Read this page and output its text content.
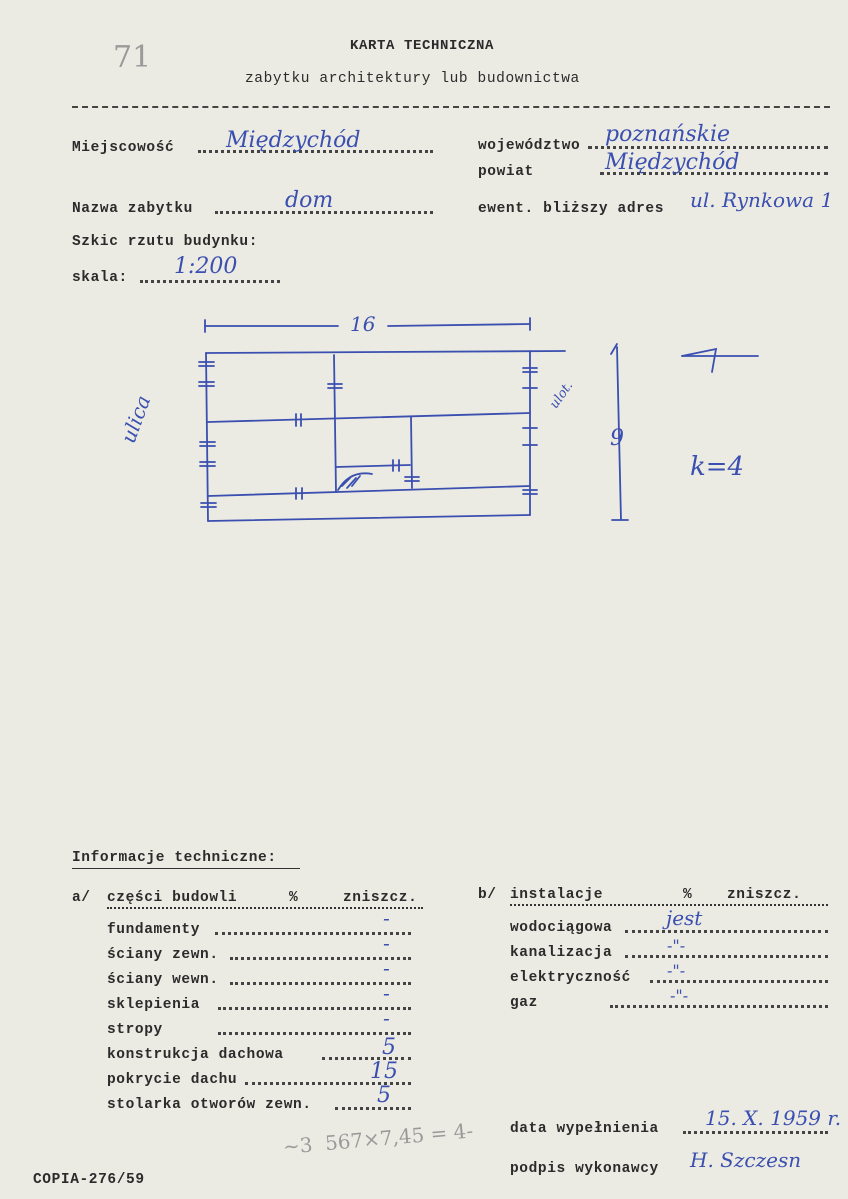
71	KARTA TECHNICZNA
zabytku architektury lub budownictwa
Miejscowość Międzychód	województwo poznańskie
powiat	Międzychód
Nazwa zabytku	dom	ewent. bliższy adres ul. Rynkowa 1
Szkic rzutu budynku:
skala: 1:200
16
9
ulica	ulot.
k=4
Informacje techniczne:
a/ części budowli	%	zniszcz.	b/ instalacje	% zniszcz.
fundamenty	-
ściany zewn.	-
ściany wewn.	-
sklepienia	-
stropy	-
konstrukcja dachowa	5
pokrycie dachu	15
stolarka otworów zewn.	5
wodociągowa	jest
kanalizacja	-"-
elektryczność -"-
gaz	-"-
~3  567×7,45 = 4- data wypełnienia 15. X. 1959 r.
podpis wykonawcy H. Szczesn
COPIA-276/59
